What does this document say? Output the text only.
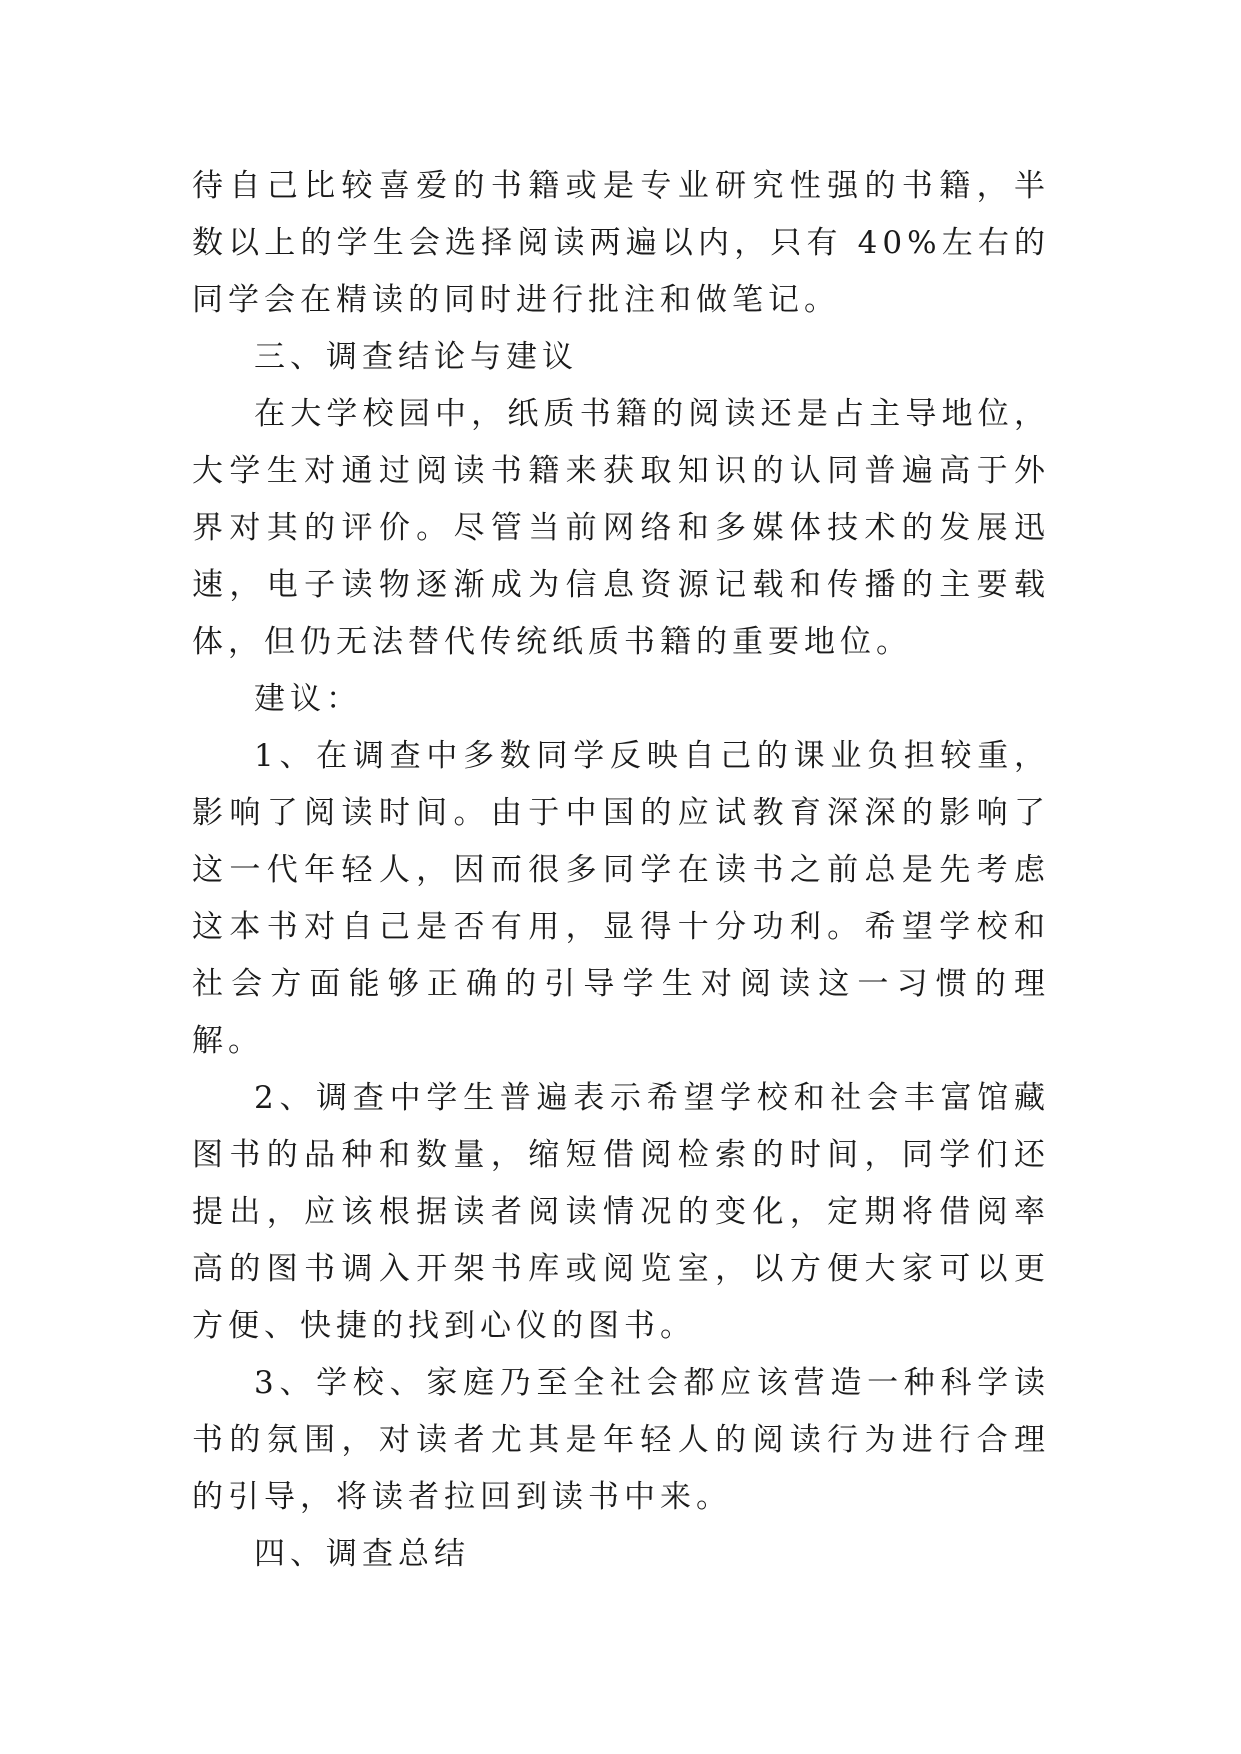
待自己比较喜爱的书籍或是专业研究性强的书籍，半数以上的学生会选择阅读两遍以内，只有 40%左右的同学会在精读的同时进行批注和做笔记。

三、调查结论与建议

在大学校园中，纸质书籍的阅读还是占主导地位，大学生对通过阅读书籍来获取知识的认同普遍高于外界对其的评价。尽管当前网络和多媒体技术的发展迅速，电子读物逐渐成为信息资源记载和传播的主要载体，但仍无法替代传统纸质书籍的重要地位。

建议：

1、在调查中多数同学反映自己的课业负担较重，影响了阅读时间。由于中国的应试教育深深的影响了这一代年轻人，因而很多同学在读书之前总是先考虑这本书对自己是否有用，显得十分功利。希望学校和社会方面能够正确的引导学生对阅读这一习惯的理解。

2、调查中学生普遍表示希望学校和社会丰富馆藏图书的品种和数量，缩短借阅检索的时间，同学们还提出，应该根据读者阅读情况的变化，定期将借阅率高的图书调入开架书库或阅览室，以方便大家可以更方便、快捷的找到心仪的图书。

3、学校、家庭乃至全社会都应该营造一种科学读书的氛围，对读者尤其是年轻人的阅读行为进行合理的引导，将读者拉回到读书中来。

四、调查总结
